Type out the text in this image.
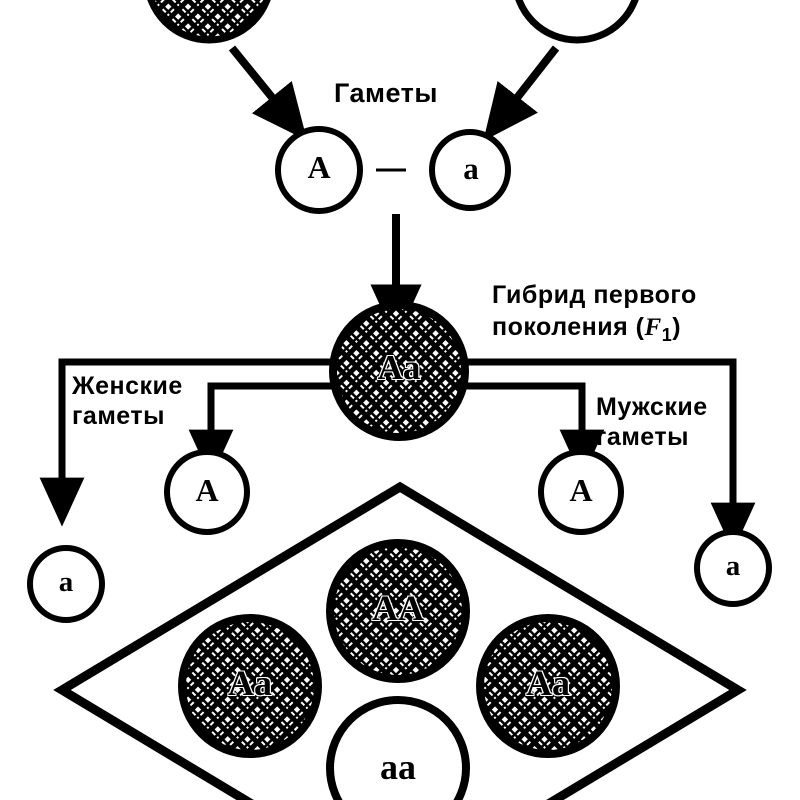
Гаметы
A	—	a
Aa
Гибрид первого
поколения $(F_1)$
Женские
гаметы	Мужские
гаметы
a
A	A
a
AA
Aa	Aa
aa
